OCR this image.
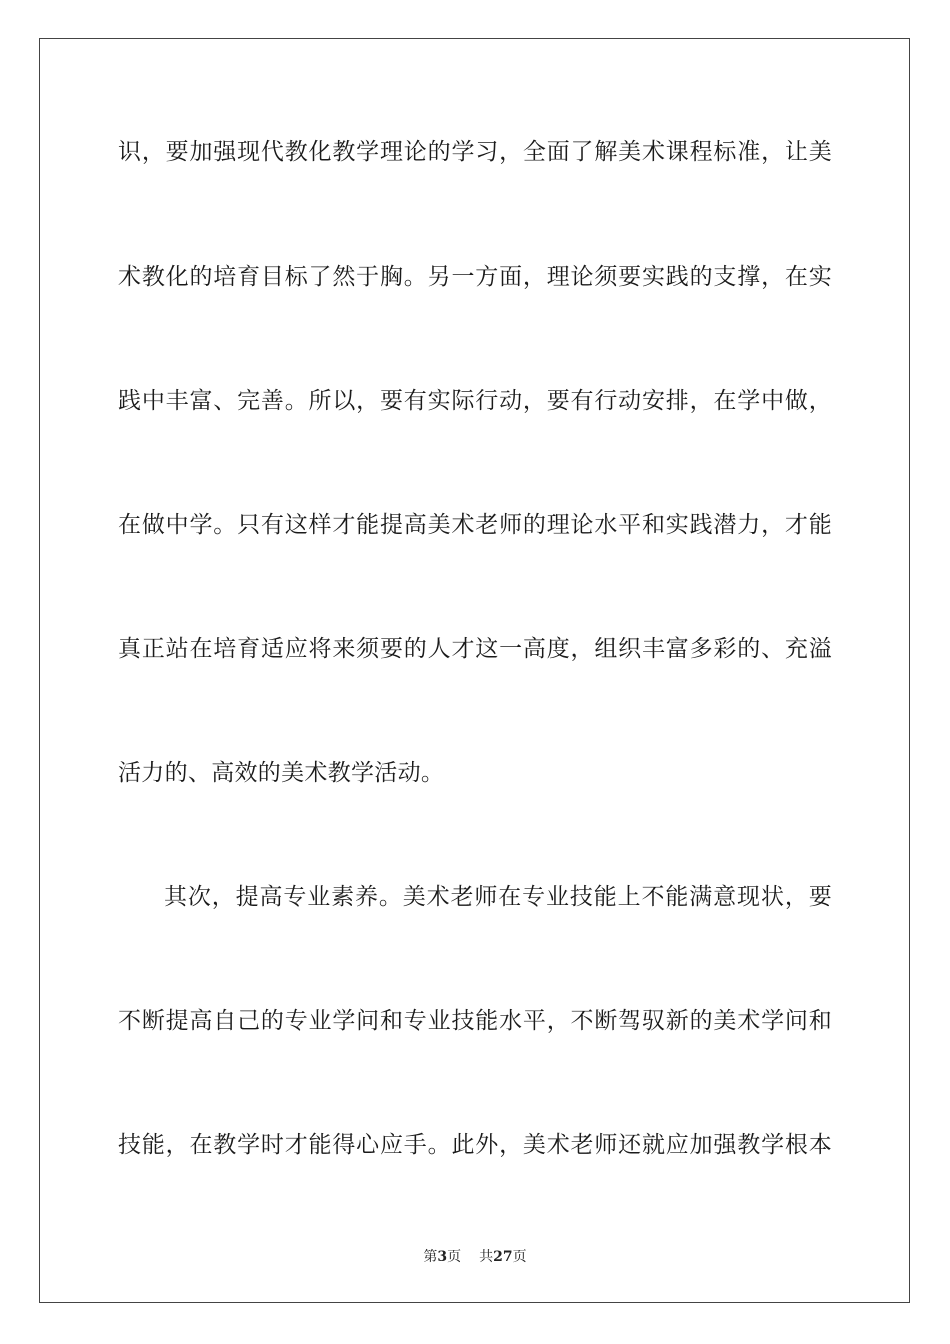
识，要加强现代教化教学理论的学习，全面了解美术课程标准，让美
术教化的培育目标了然于胸。另一方面，理论须要实践的支撑，在实
践中丰富、完善。所以，要有实际行动，要有行动安排，在学中做，
在做中学。只有这样才能提高美术老师的理论水平和实践潜力，才能
真正站在培育适应将来须要的人才这一高度，组织丰富多彩的、充溢
活力的、高效的美术教学活动。
其次，提高专业素养。美术老师在专业技能上不能满意现状，要
不断提高自己的专业学问和专业技能水平，不断驾驭新的美术学问和
技能，在教学时才能得心应手。此外，美术老师还就应加强教学根本
第3页 共27页
